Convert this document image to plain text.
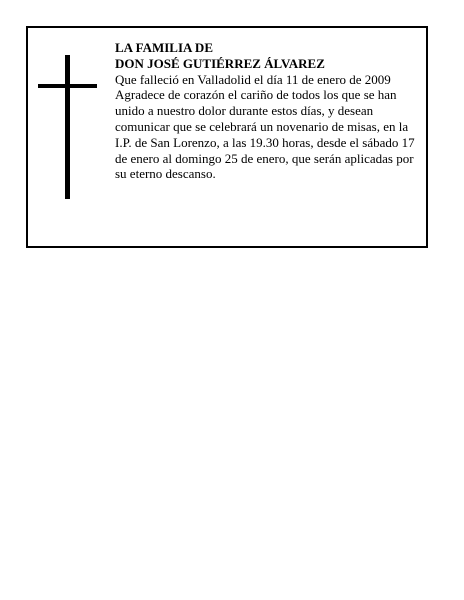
LA FAMILIA DE
DON JOSÉ GUTIÉRREZ ÁLVAREZ
Que falleció en Valladolid el día 11 de enero de 2009

Agradece de corazón el cariño de todos los que se han unido a nuestro dolor durante estos días, y desean comunicar que se celebrará un novenario de misas, en la I.P. de San Lorenzo, a las 19.30 horas, desde el sábado 17 de enero al domingo 25 de enero, que serán aplicadas por su eterno descanso.
